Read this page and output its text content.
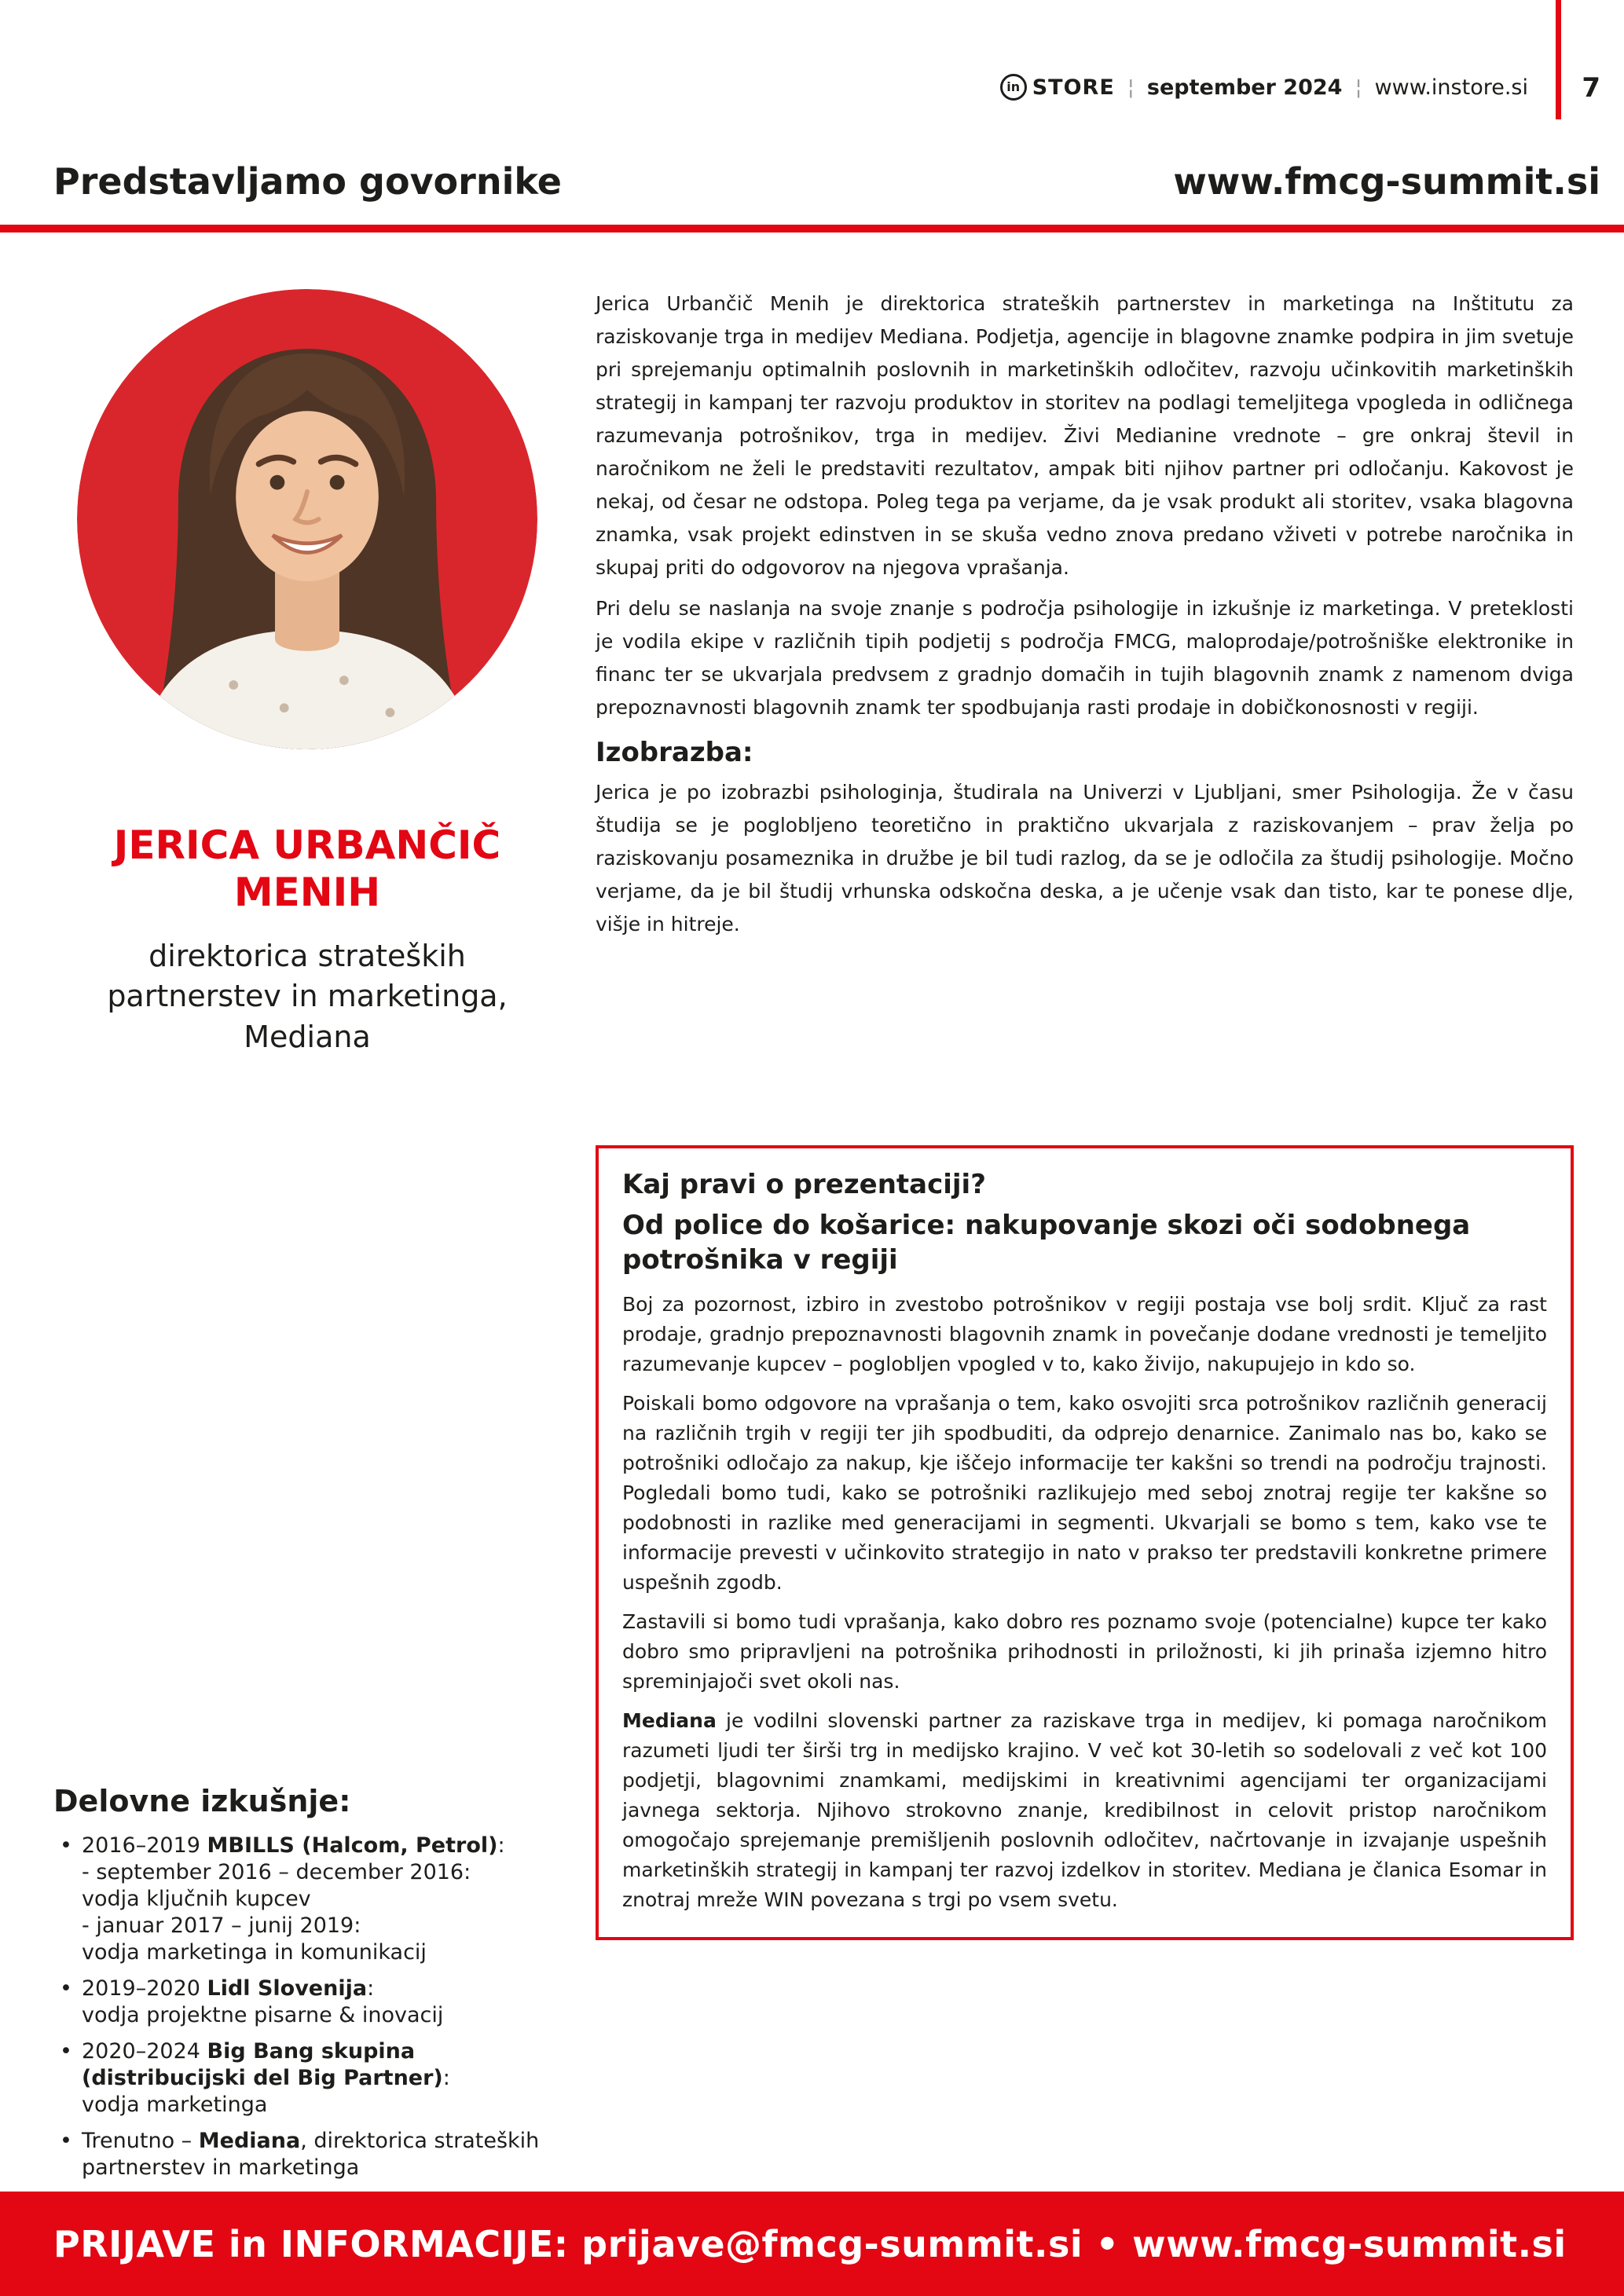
in STORE ¦ september 2024 ¦ www.instore.si 7
Predstavljamo govornike	www.fmcg-summit.si
JERICA URBANČIČ MENIH

direktorica strateških partnerstev in marketinga, Mediana

Delovne izkušnje:
• 2016–2019 MBILLS (Halcom, Petrol):
- september 2016 – december 2016:
vodja ključnih kupcev
- januar 2017 – junij 2019:
vodja marketinga in komunikacij
• 2019–2020 Lidl Slovenija:
vodja projektne pisarne & inovacij
• 2020–2024 Big Bang skupina
(distribucijski del Big Partner):
vodja marketinga
• Trenutno – Mediana, direktorica strateških partnerstev in marketinga

Jerica Urbančič Menih je direktorica strateških partnerstev in marketinga na Inštitutu za raziskovanje trga in medijev Mediana. Podjetja, agencije in blagovne znamke podpira in jim svetuje pri sprejemanju optimalnih poslovnih in marketinških odločitev, razvoju učinkovitih marketinških strategij in kampanj ter razvoju produktov in storitev na podlagi temeljitega vpogleda in odličnega razumevanja potrošnikov, trga in medijev. Živi Medianine vrednote – gre onkraj števil in naročnikom ne želi le predstaviti rezultatov, ampak biti njihov partner pri odločanju. Kakovost je nekaj, od česar ne odstopa. Poleg tega pa verjame, da je vsak produkt ali storitev, vsaka blagovna znamka, vsak projekt edinstven in se skuša vedno znova predano vživeti v potrebe naročnika in skupaj priti do odgovorov na njegova vprašanja.

Pri delu se naslanja na svoje znanje s področja psihologije in izkušnje iz marketinga. V preteklosti je vodila ekipe v različnih tipih podjetij s področja FMCG, maloprodaje/potrošniške elektronike in financ ter se ukvarjala predvsem z gradnjo domačih in tujih blagovnih znamk z namenom dviga prepoznavnosti blagovnih znamk ter spodbujanja rasti prodaje in dobičkonosnosti v regiji.

Izobrazba:

Jerica je po izobrazbi psihologinja, študirala na Univerzi v Ljubljani, smer Psihologija. Že v času študija se je poglobljeno teoretično in praktično ukvarjala z raziskovanjem – prav želja po raziskovanju posameznika in družbe je bil tudi razlog, da se je odločila za študij psihologije. Močno verjame, da je bil študij vrhunska odskočna deska, a je učenje vsak dan tisto, kar te ponese dlje, višje in hitreje.

Kaj pravi o prezentaciji?
Od police do košarice: nakupovanje skozi oči sodobnega potrošnika v regiji

Boj za pozornost, izbiro in zvestobo potrošnikov v regiji postaja vse bolj srdit. Ključ za rast prodaje, gradnjo prepoznavnosti blagovnih znamk in povečanje dodane vrednosti je temeljito razumevanje kupcev – poglobljen vpogled v to, kako živijo, nakupujejo in kdo so.

Poiskali bomo odgovore na vprašanja o tem, kako osvojiti srca potrošnikov različnih generacij na različnih trgih v regiji ter jih spodbuditi, da odprejo denarnice. Zanimalo nas bo, kako se potrošniki odločajo za nakup, kje iščejo informacije ter kakšni so trendi na področju trajnosti. Pogledali bomo tudi, kako se potrošniki razlikujejo med seboj znotraj regije ter kakšne so podobnosti in razlike med generacijami in segmenti. Ukvarjali se bomo s tem, kako vse te informacije prevesti v učinkovito strategijo in nato v prakso ter predstavili konkretne primere uspešnih zgodb.

Zastavili si bomo tudi vprašanja, kako dobro res poznamo svoje (potencialne) kupce ter kako dobro smo pripravljeni na potrošnika prihodnosti in priložnosti, ki jih prinaša izjemno hitro spreminjajoči svet okoli nas.

Mediana je vodilni slovenski partner za raziskave trga in medijev, ki pomaga naročnikom razumeti ljudi ter širši trg in medijsko krajino. V več kot 30-letih so sodelovali z več kot 100 podjetji, blagovnimi znamkami, medijskimi in kreativnimi agencijami ter organizacijami javnega sektorja. Njihovo strokovno znanje, kredibilnost in celovit pristop naročnikom omogočajo sprejemanje premišljenih poslovnih odločitev, načrtovanje in izvajanje uspešnih marketinških strategij in kampanj ter razvoj izdelkov in storitev. Mediana je članica Esomar in znotraj mreže WIN povezana s trgi po vsem svetu.

PRIJAVE in INFORMACIJE: prijave@fmcg-summit.si • www.fmcg-summit.si
